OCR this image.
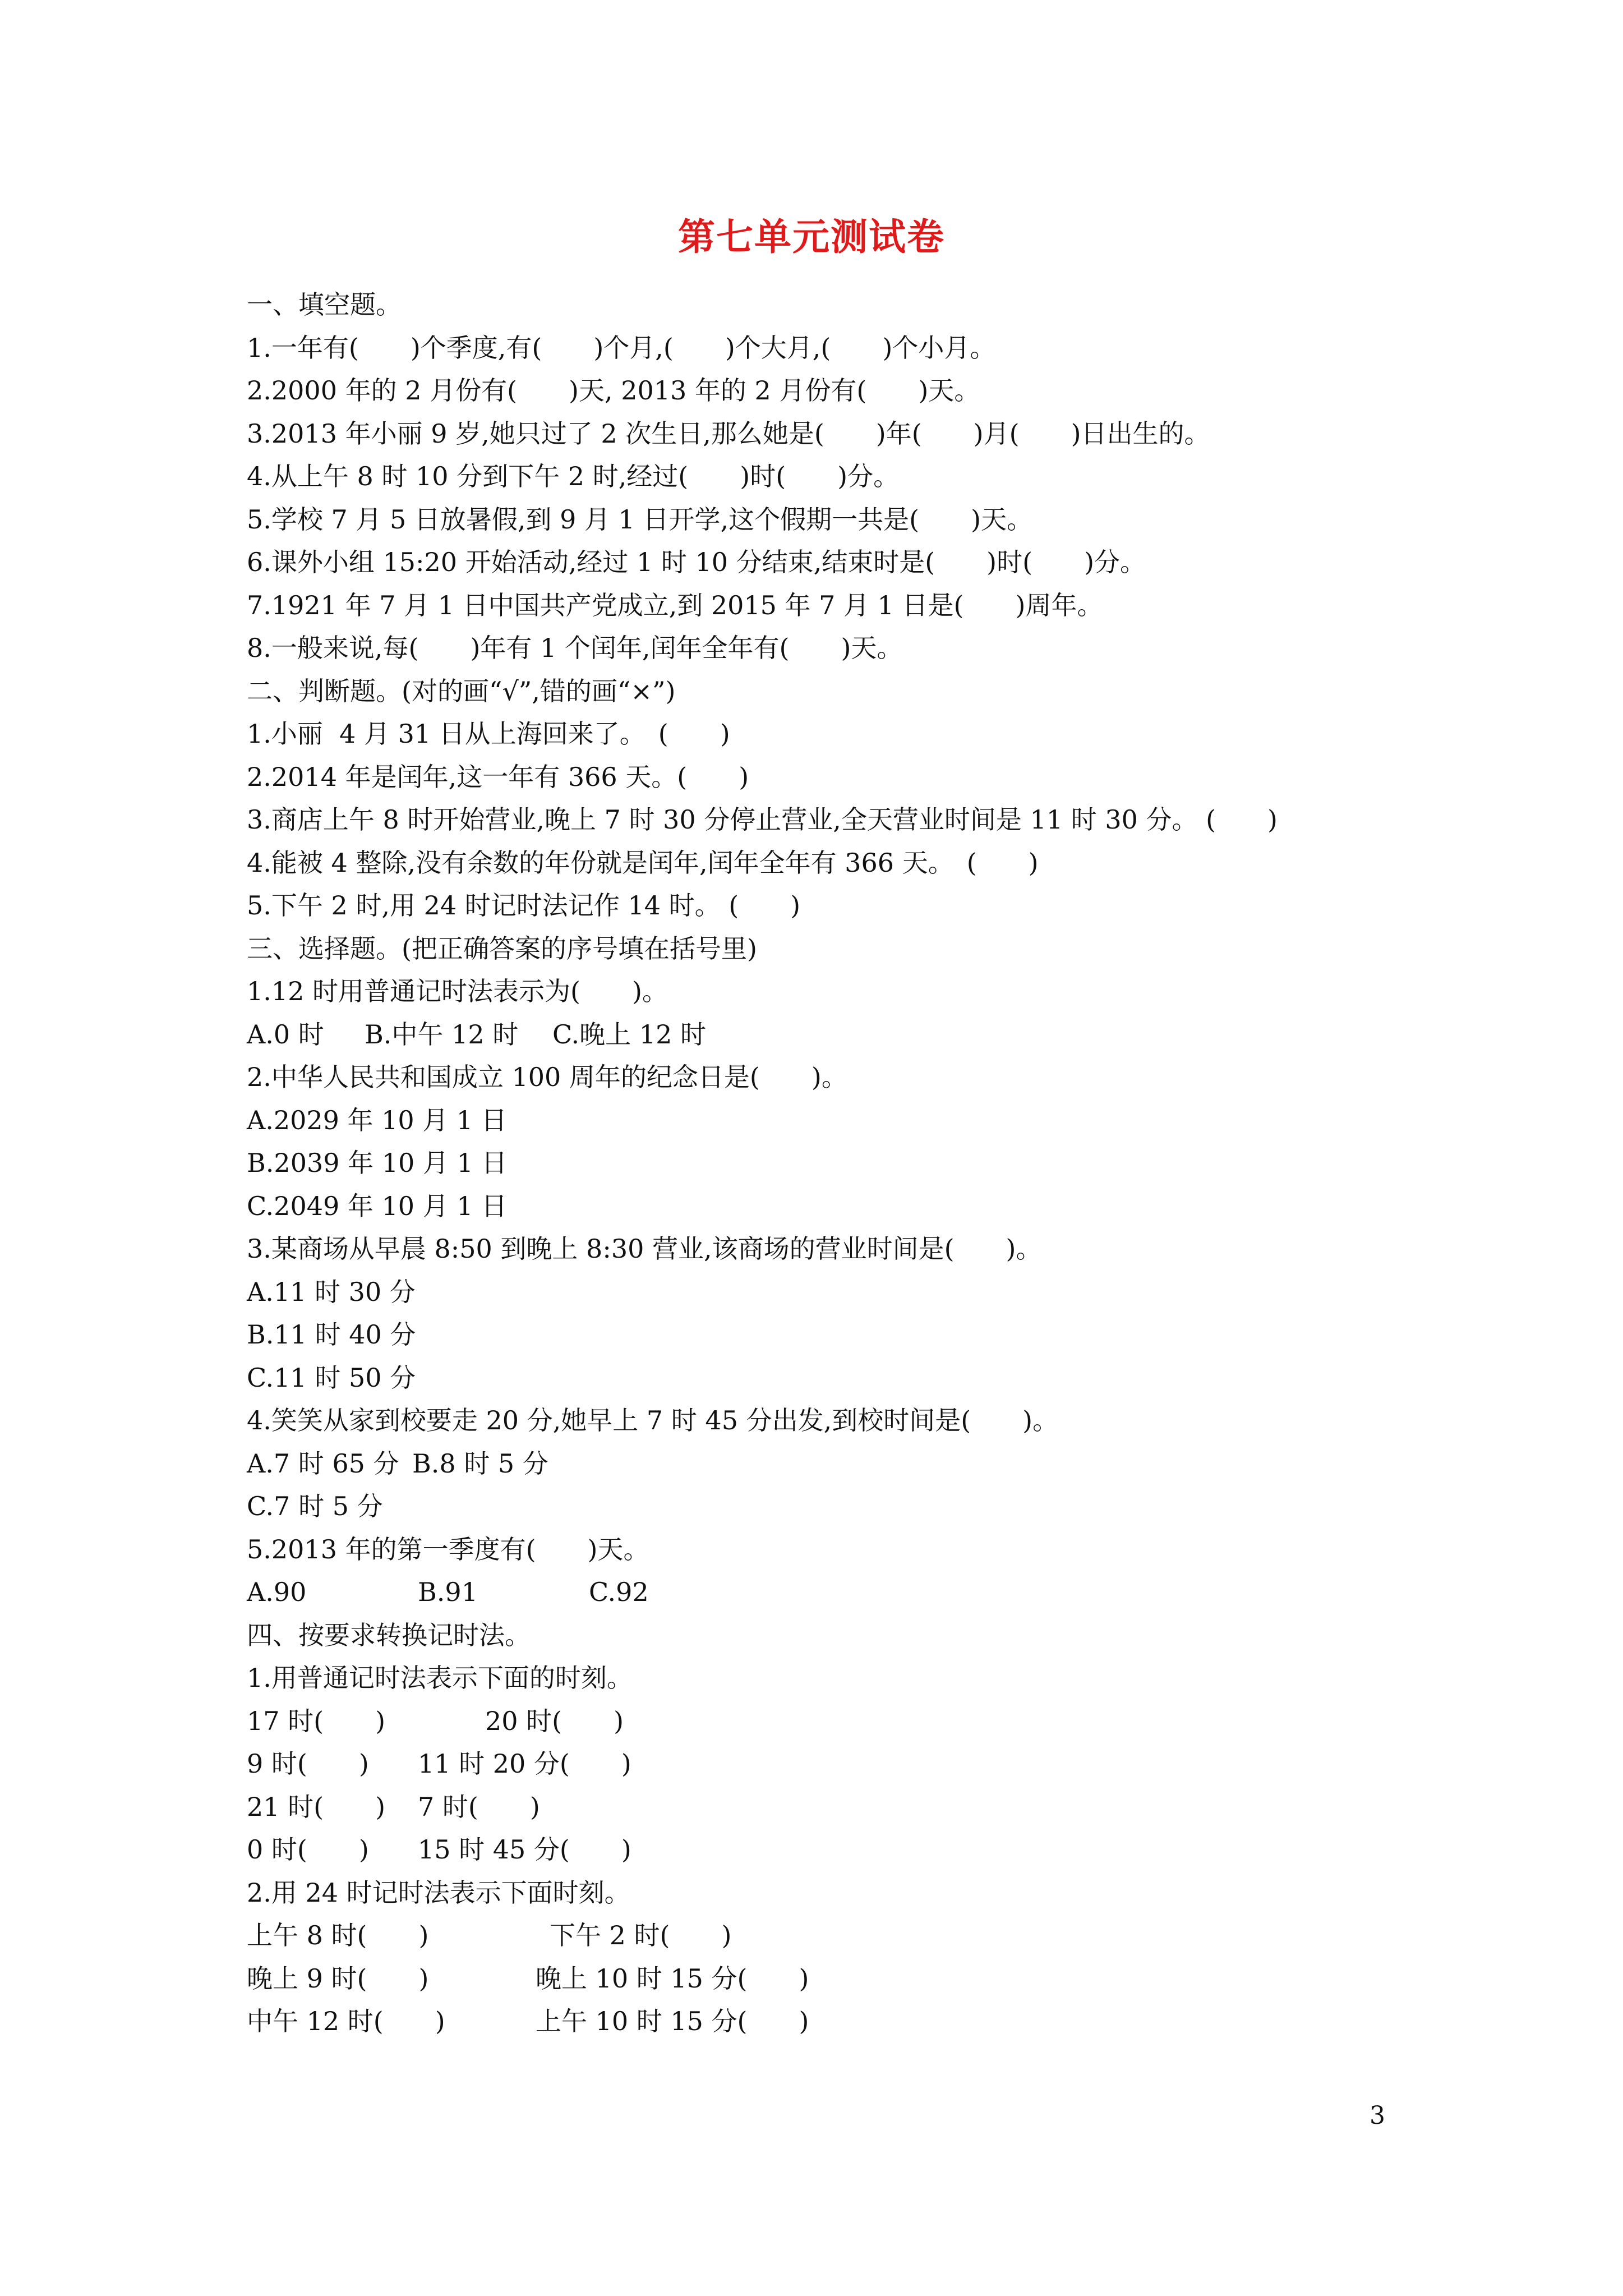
第七单元测试卷
一、填空题。
1.一年有(　　)个季度,有(　　)个月,(　　)个大月,(　　)个小月。
2.2000 年的 2 月份有(　　)天, 2013 年的 2 月份有(　　)天。
3.2013 年小丽 9 岁,她只过了 2 次生日,那么她是(　　)年(　　)月(　　)日出生的。
4.从上午 8 时 10 分到下午 2 时,经过(　　)时(　　)分。
5.学校 7 月 5 日放暑假,到 9 月 1 日开学,这个假期一共是(　　)天。
6.课外小组 15:20 开始活动,经过 1 时 10 分结束,结束时是(　　)时(　　)分。
7.1921 年 7 月 1 日中国共产党成立,到 2015 年 7 月 1 日是(　　)周年。
8.一般来说,每(　　)年有 1 个闰年,闰年全年有(　　)天。
二、判断题。(对的画“√”,错的画“×”)
1.小丽  4 月 31 日从上海回来了。　(　　)
2.2014 年是闰年,这一年有 366 天。(　　)
3.商店上午 8 时开始营业,晚上 7 时 30 分停止营业,全天营业时间是 11 时 30 分。 (　　)
4.能被 4 整除,没有余数的年份就是闰年,闰年全年有 366 天。　(　　)
5.下午 2 时,用 24 时记时法记作 14 时。 (　　)
三、选择题。(把正确答案的序号填在括号里)
1.12 时用普通记时法表示为(　　)。
A.0 时 B.中午 12 时 C.晚上 12 时
2.中华人民共和国成立 100 周年的纪念日是(　　)。
A.2029 年 10 月 1 日
B.2039 年 10 月 1 日
C.2049 年 10 月 1 日
3.某商场从早晨 8:50 到晚上 8:30 营业,该商场的营业时间是(　　)。
A.11 时 30 分
B.11 时 40 分
C.11 时 50 分
4.笑笑从家到校要走 20 分,她早上 7 时 45 分出发,到校时间是(　　)。
A.7 时 65 分 B.8 时 5 分
C.7 时 5 分
5.2013 年的第一季度有(　　)天。
A.90	B.91	C.92
四、按要求转换记时法。
1.用普通记时法表示下面的时刻。
17 时(　　)	20 时(　　)
9 时(　　) 11 时 20 分(　　)
21 时(　　) 7 时(　　)
0 时(　　) 15 时 45 分(　　)
2.用 24 时记时法表示下面时刻。
上午 8 时(　　)	下午 2 时(　　)
晚上 9 时(　　)	晚上 10 时 15 分(　　)
中午 12 时(　　)	上午 10 时 15 分(　　)
3
